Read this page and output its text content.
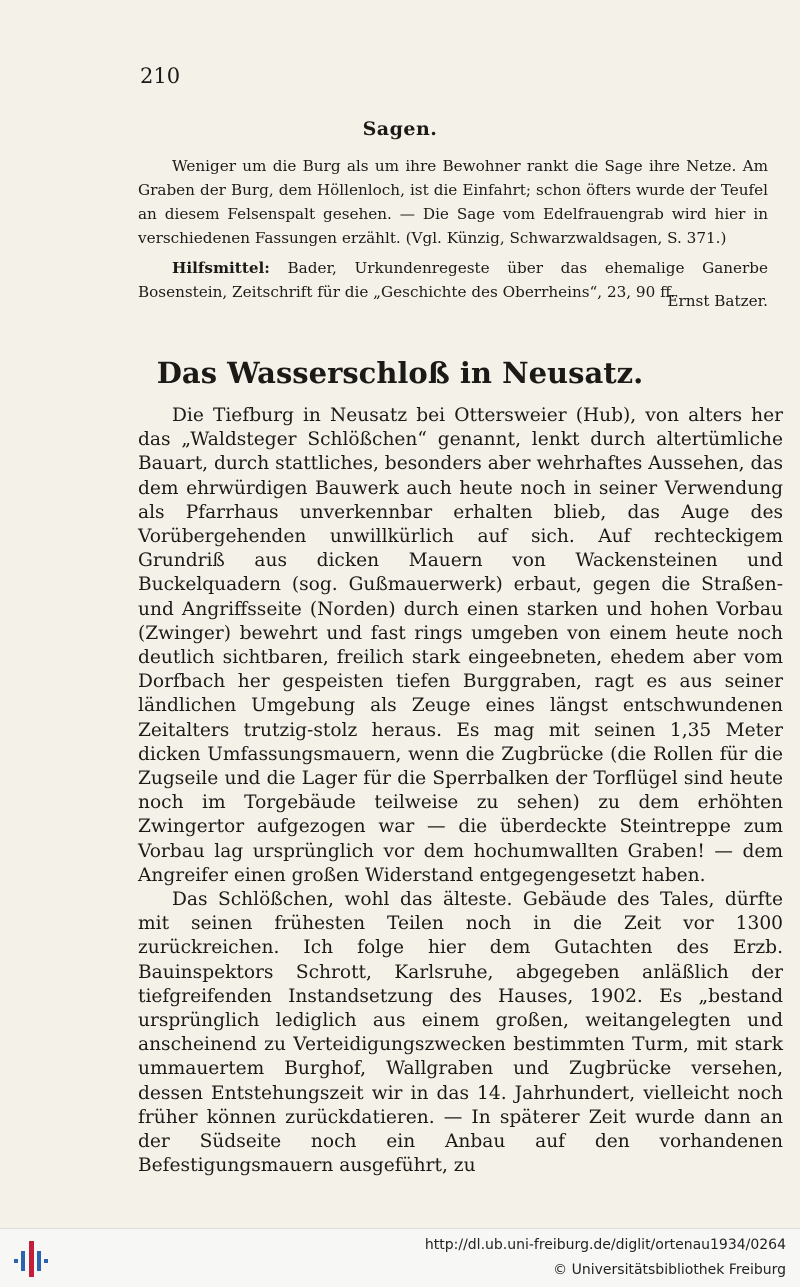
210
Sagen.

Weniger um die Burg als um ihre Bewohner rankt die Sage ihre Netze. Am Graben der Burg, dem Höllenloch, ist die Einfahrt; schon öfters wurde der Teufel an diesem Felsenspalt gesehen. — Die Sage vom Edelfrauengrab wird hier in verschiedenen Fassungen erzählt. (Vgl. Künzig, Schwarzwaldsagen, S. 371.)

Hilfsmittel: Bader, Urkundenregeste über das ehemalige Ganerbe Bosenstein, Zeitschrift für die „Geschichte des Oberrheins“, 23, 90 ff.

Ernst Batzer.
Das Wasserschloß in Neusatz.

Die Tiefburg in Neusatz bei Ottersweier (Hub), von alters her das „Waldsteger Schlößchen“ genannt, lenkt durch altertümliche Bauart, durch stattliches, besonders aber wehrhaftes Aussehen, das dem ehrwürdigen Bauwerk auch heute noch in seiner Verwendung als Pfarrhaus unverkennbar erhalten blieb, das Auge des Vorübergehenden unwillkürlich auf sich. Auf rechteckigem Grundriß aus dicken Mauern von Wackensteinen und Buckelquadern (sog. Gußmauerwerk) erbaut, gegen die Straßen- und Angriffsseite (Norden) durch einen starken und hohen Vorbau (Zwinger) bewehrt und fast rings umgeben von einem heute noch deutlich sichtbaren, freilich stark eingeebneten, ehedem aber vom Dorfbach her gespeisten tiefen Burggraben, ragt es aus seiner ländlichen Umgebung als Zeuge eines längst entschwundenen Zeitalters trutzig-stolz heraus. Es mag mit seinen 1,35 Meter dicken Umfassungsmauern, wenn die Zugbrücke (die Rollen für die Zugseile und die Lager für die Sperrbalken der Torflügel sind heute noch im Torgebäude teilweise zu sehen) zu dem erhöhten Zwingertor aufgezogen war — die überdeckte Steintreppe zum Vorbau lag ursprünglich vor dem hochumwallten Graben! — dem Angreifer einen großen Widerstand entgegengesetzt haben.

Das Schlößchen, wohl das älteste. Gebäude des Tales, dürfte mit seinen frühesten Teilen noch in die Zeit vor 1300 zurückreichen. Ich folge hier dem Gutachten des Erzb. Bauinspektors Schrott, Karlsruhe, abgegeben anläßlich der tiefgreifenden Instandsetzung des Hauses, 1902. Es „bestand ursprünglich lediglich aus einem großen, weitangelegten und anscheinend zu Verteidigungszwecken bestimmten Turm, mit stark ummauertem Burghof, Wallgraben und Zugbrücke versehen, dessen Entstehungszeit wir in das 14. Jahrhundert, vielleicht noch früher können zurückdatieren. — In späterer Zeit wurde dann an der Südseite noch ein Anbau auf den vorhandenen Befestigungsmauern ausgeführt, zu

http://dl.ub.uni-freiburg.de/diglit/ortenau1934/0264
© Universitätsbibliothek Freiburg
